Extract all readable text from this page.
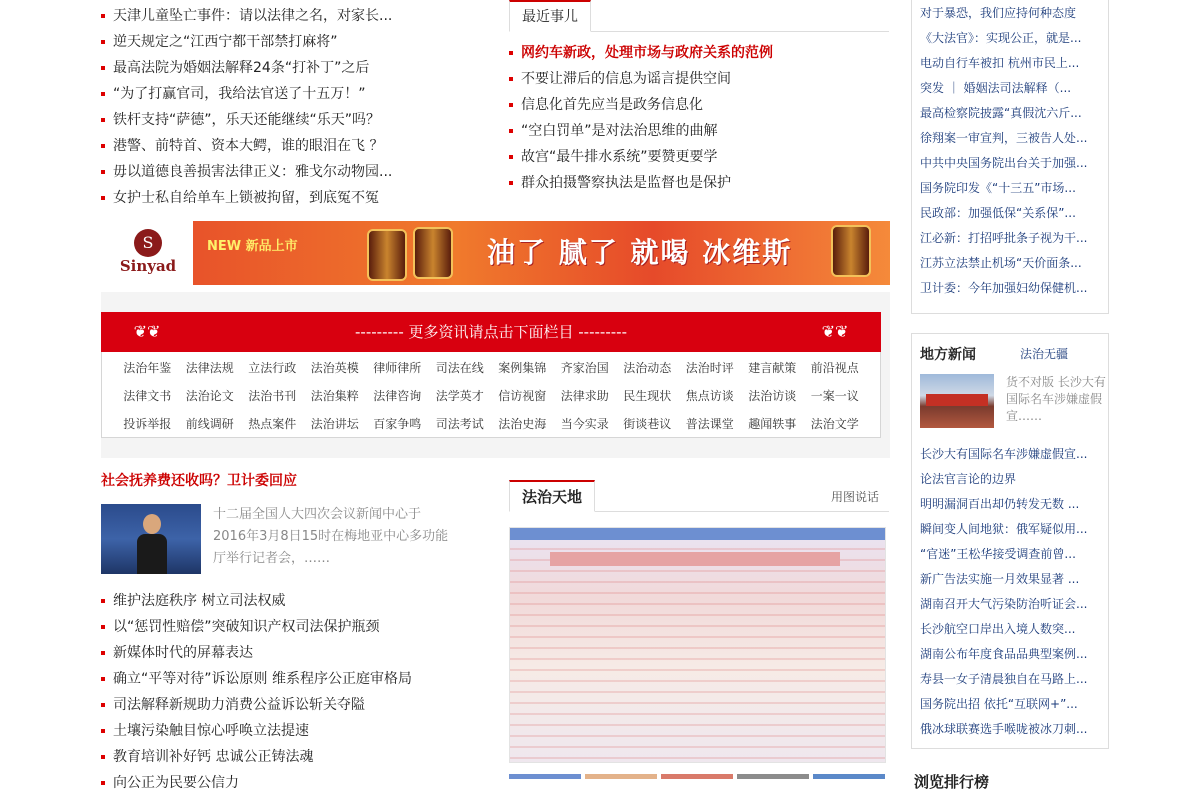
天津儿童坠亡事件：请以法律之名，对家长...
逆天规定之“江西宁都干部禁打麻将”
最高法院为婚姻法解释24条“打补丁”之后
“为了打赢官司，我给法官送了十五万！”
铁杆支持“萨德”，乐天还能继续“乐天”吗？
港警、前特首、资本大鳄，谁的眼泪在飞 ？
毋以道德良善损害法律正义：雅戈尔动物园...
女护士私自给单车上锁被拘留，到底冤不冤
最近事儿
网约车新政，处理市场与政府关系的范例
不要让滞后的信息为谣言提供空间
信息化首先应当是政务信息化
“空白罚单”是对法治思维的曲解
故宫“最牛排水系统”要赞更要学
群众拍摄警察执法是监督也是保护
S
Sinyad
NEW 新品上市	油了 腻了 就喝 冰维斯
❦❦	--------- 更多资讯请点击下面栏目 ---------	❦❦
法治年鉴	法律法规	立法行政	法治英模	律师律所	司法在线	案例集锦	齐家治国	法治动态	法治时评	建言献策	前沿视点
法律文书	法治论文	法治书刊	法治集粹	法律咨询	法学英才	信访视窗	法律求助	民生现状	焦点访谈	法治访谈	一案一议
投诉举报	前线调研	热点案件	法治讲坛	百家争鸣	司法考试	法治史海	当今实录	街谈巷议	普法课堂	趣闻轶事	法治文学
社会抚养费还收吗？卫计委回应
十二届全国人大四次会议新闻中心于2016年3月8日15时在梅地亚中心多功能厅举行记者会，……
维护法庭秩序 树立司法权威
以“惩罚性赔偿”突破知识产权司法保护瓶颈
新媒体时代的屏幕表达
确立“平等对待”诉讼原则 维系程序公正庭审格局
司法解释新规助力消费公益诉讼斩关夺隘
土壤污染触目惊心呼唤立法提速
教育培训补好钙 忠诚公正铸法魂
向公正为民要公信力
法治天地	用图说话
对于暴恐，我们应持何种态度
《大法官》：实现公正，就是...
电动自行车被扣 杭州市民上...
突发 ｜ 婚姻法司法解释（...
最高检察院披露“真假沈六斤...
徐翔案一审宣判，三被告人处...
中共中央国务院出台关于加强...
国务院印发《“十三五”市场...
民政部：加强低保“关系保”...
江必新：打招呼批条子视为干...
江苏立法禁止机场“天价面条...
卫计委：今年加强妇幼保健机...
地方新闻	法治无疆
货不对版 长沙大有国际名车涉嫌虚假宣……
长沙大有国际名车涉嫌虚假宣...
论法官言论的边界
明明漏洞百出却仍转发无数 ...
瞬间变人间地狱：俄军疑似用...
“官迷”王松华接受调查前曾...
新广告法实施一月效果显著 ...
湖南召开大气污染防治听证会...
长沙航空口岸出入境人数突...
湖南公布年度食品品典型案例...
寿县一女子清晨独自在马路上...
国务院出招 依托“互联网+”...
俄冰球联赛选手喉咙被冰刀刺...
浏览排行榜
